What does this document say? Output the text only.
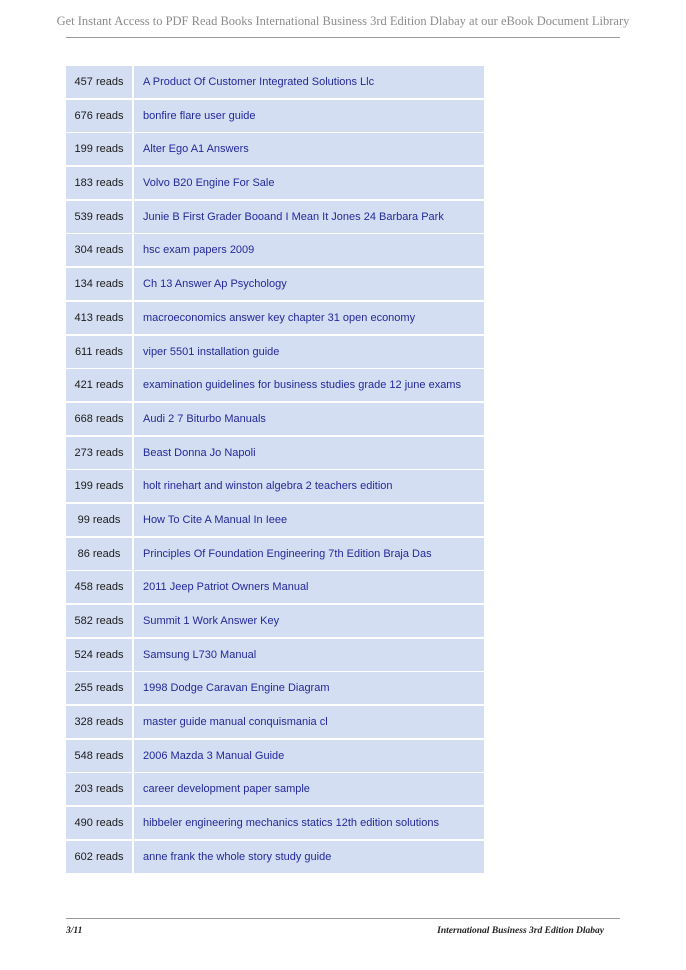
Get Instant Access to PDF Read Books International Business 3rd Edition Dlabay at our eBook Document Library
457 reads	A Product Of Customer Integrated Solutions Llc
676 reads	bonfire flare user guide
199 reads	Alter Ego A1 Answers
183 reads	Volvo B20 Engine For Sale
539 reads	Junie B First Grader Booand I Mean It Jones 24 Barbara Park
304 reads	hsc exam papers 2009
134 reads	Ch 13 Answer Ap Psychology
413 reads	macroeconomics answer key chapter 31 open economy
611 reads	viper 5501 installation guide
421 reads	examination guidelines for business studies grade 12 june exams
668 reads	Audi 2 7 Biturbo Manuals
273 reads	Beast Donna Jo Napoli
199 reads	holt rinehart and winston algebra 2 teachers edition
99 reads	How To Cite A Manual In Ieee
86 reads	Principles Of Foundation Engineering 7th Edition Braja Das
458 reads	2011 Jeep Patriot Owners Manual
582 reads	Summit 1 Work Answer Key
524 reads	Samsung L730 Manual
255 reads	1998 Dodge Caravan Engine Diagram
328 reads	master guide manual conquismania cl
548 reads	2006 Mazda 3 Manual Guide
203 reads	career development paper sample
490 reads	hibbeler engineering mechanics statics 12th edition solutions
602 reads	anne frank the whole story study guide
3/11	International Business 3rd Edition Dlabay
